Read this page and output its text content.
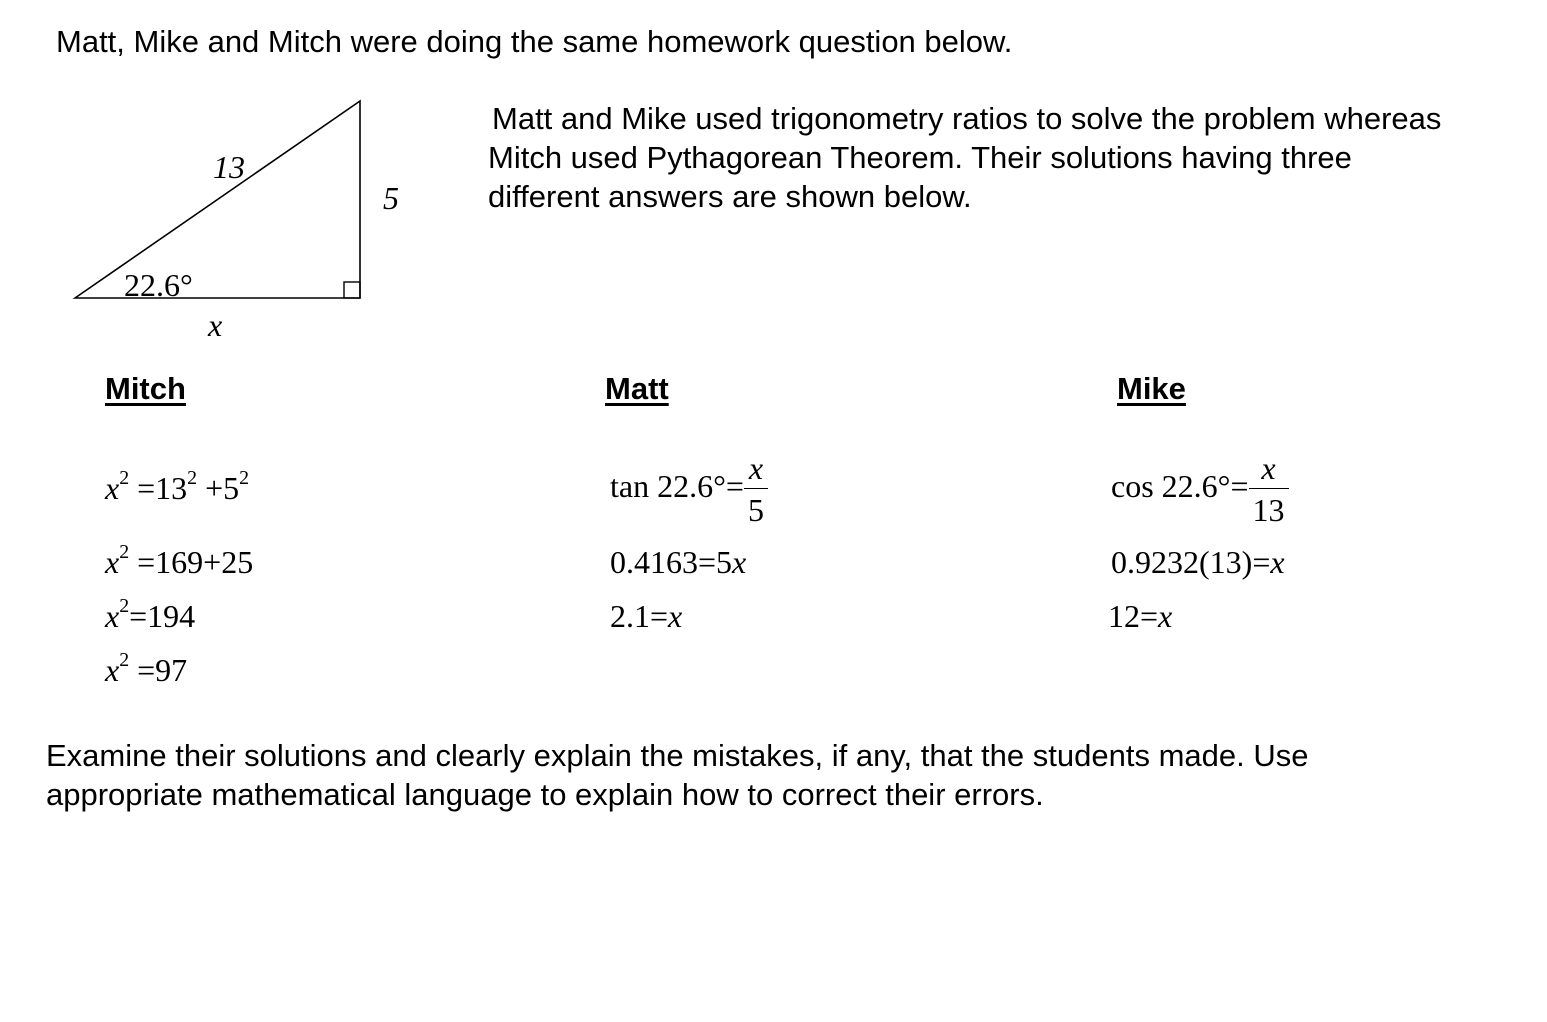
Matt, Mike and Mitch were doing the same homework question below.
13
5
22.6°
x
Matt and Mike used trigonometry ratios to solve the problem whereas
Mitch used Pythagorean Theorem. Their solutions having three
different answers are shown below.
Mitch	Matt	Mike
$x^2 =13^2 +5^2$
$x^2 =169+25$
$x^2=194$
$x^2 =97$
$\tan 22.6^\circ= \frac{x}{5}$
0.4163=5x
2.1=x
$\cos 22.6^\circ= \frac{x}{13}$
0.9232(13)=x
12=x
Examine their solutions and clearly explain the mistakes, if any, that the students made. Use
appropriate mathematical language to explain how to correct their errors.
